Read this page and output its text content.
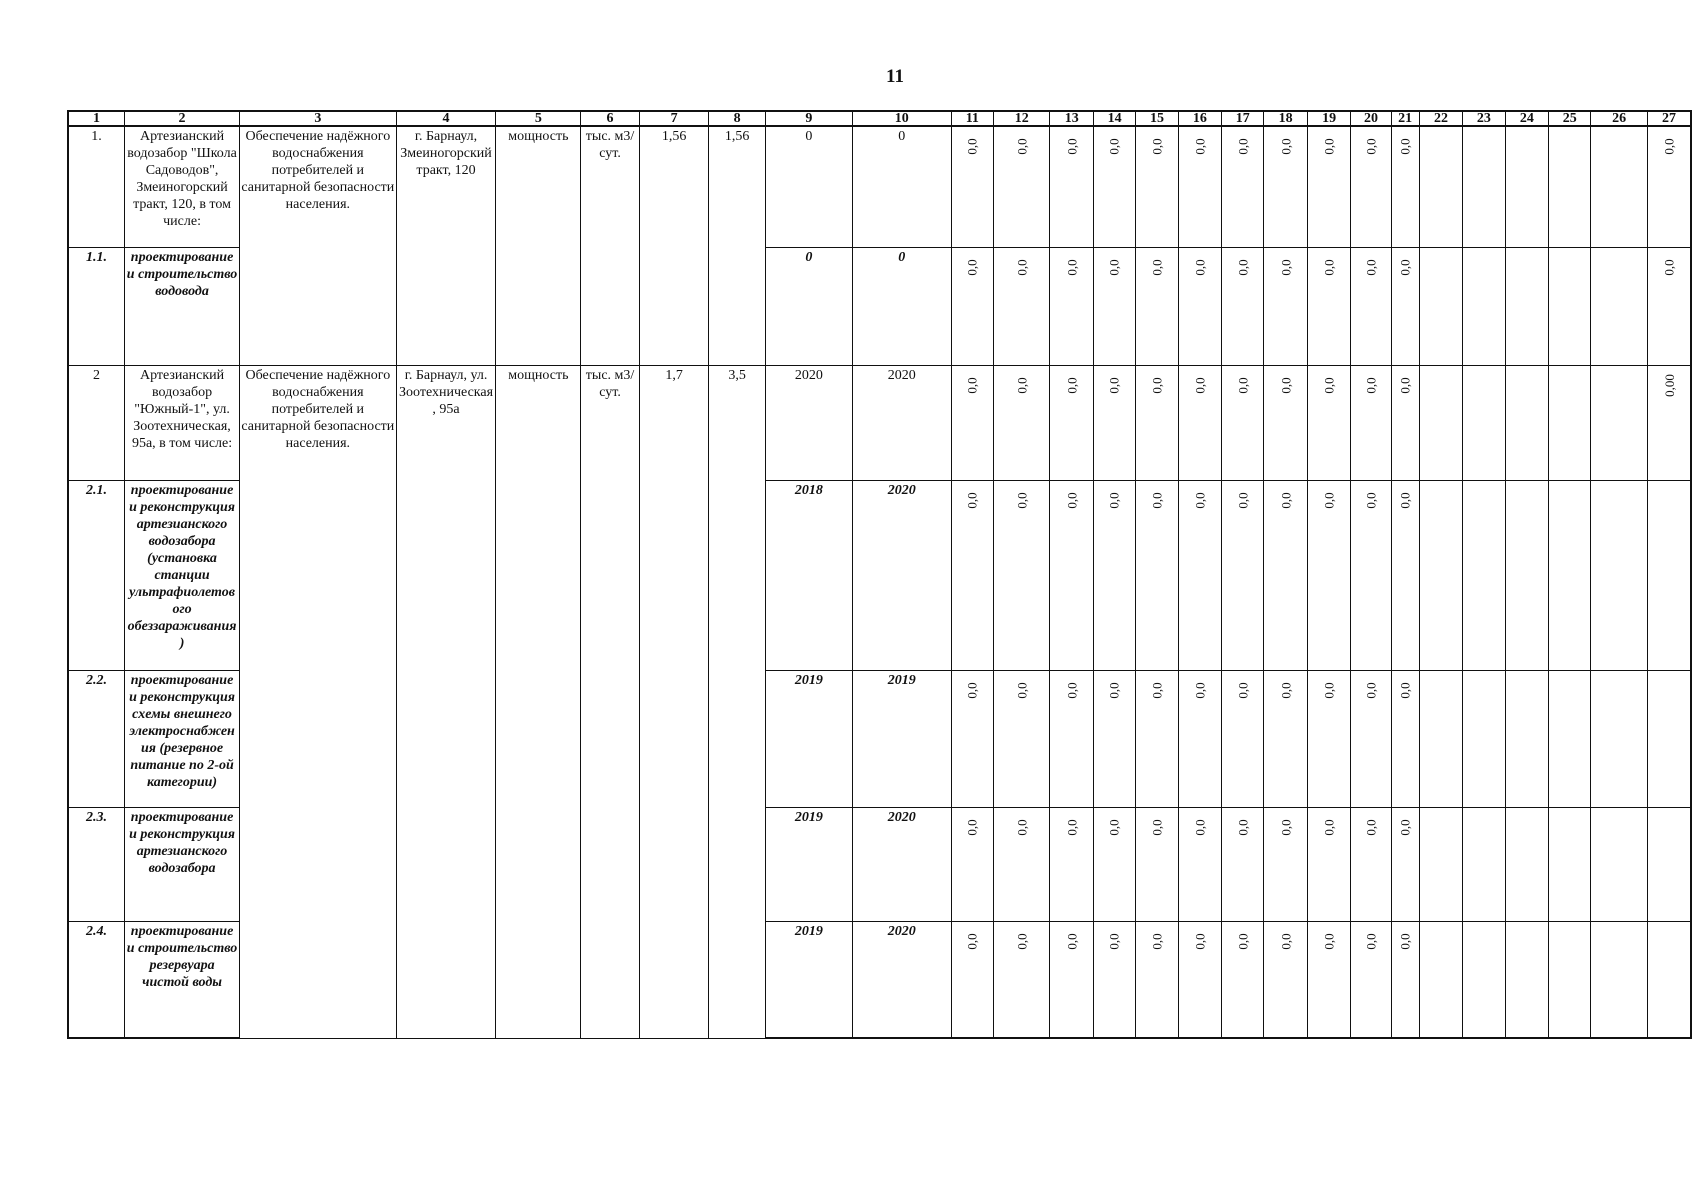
11
1	2	3	4	5	6	7	8	9	10	11	12	13	14	15	16	17	18	19	20	21	22	23	24	25	26	27
1.	Артезианский водозабор "Школа Садоводов", Змеиногорский тракт, 120, в том числе:	Обеспечение надёжного водоснабжения потребителей и санитарной безопасности населения.	г. Барнаул, Змеиногорский тракт, 120	мощность	тыс. м3/сут.	1,56	1,56	0	0	0,0	0,0	0,0	0,0	0,0	0,0	0,0	0,0	0,0	0,0	0,0						0,0
1.1.	проектирование и строительство водовода							0	0	0,0	0,0	0,0	0,0	0,0	0,0	0,0	0,0	0,0	0,0	0,0						0,0
2	Артезианский водозабор "Южный-1", ул. Зоотехническая, 95а, в том числе:	Обеспечение надёжного водоснабжения потребителей и санитарной безопасности населения.	г. Барнаул, ул. Зоотехническая, 95а	мощность	тыс. м3/сут.	1,7	3,5	2020	2020	0,0	0,0	0,0	0,0	0,0	0,0	0,0	0,0	0,0	0,0	0,0						0,00
2.1.	проектирование и реконструкция артезианского водозабора (установка станции ультрафиолетового обеззараживания)							2018	2020	0,0	0,0	0,0	0,0	0,0	0,0	0,0	0,0	0,0	0,0	0,0						
2.2.	проектирование и реконструкция схемы внешнего электроснабжения (резервное питание по 2-ой категории)							2019	2019	0,0	0,0	0,0	0,0	0,0	0,0	0,0	0,0	0,0	0,0	0,0						
2.3.	проектирование и реконструкция артезианского водозабора							2019	2020	0,0	0,0	0,0	0,0	0,0	0,0	0,0	0,0	0,0	0,0	0,0						
2.4.	проектирование и строительство резервуара чистой воды							2019	2020	0,0	0,0	0,0	0,0	0,0	0,0	0,0	0,0	0,0	0,0	0,0						
